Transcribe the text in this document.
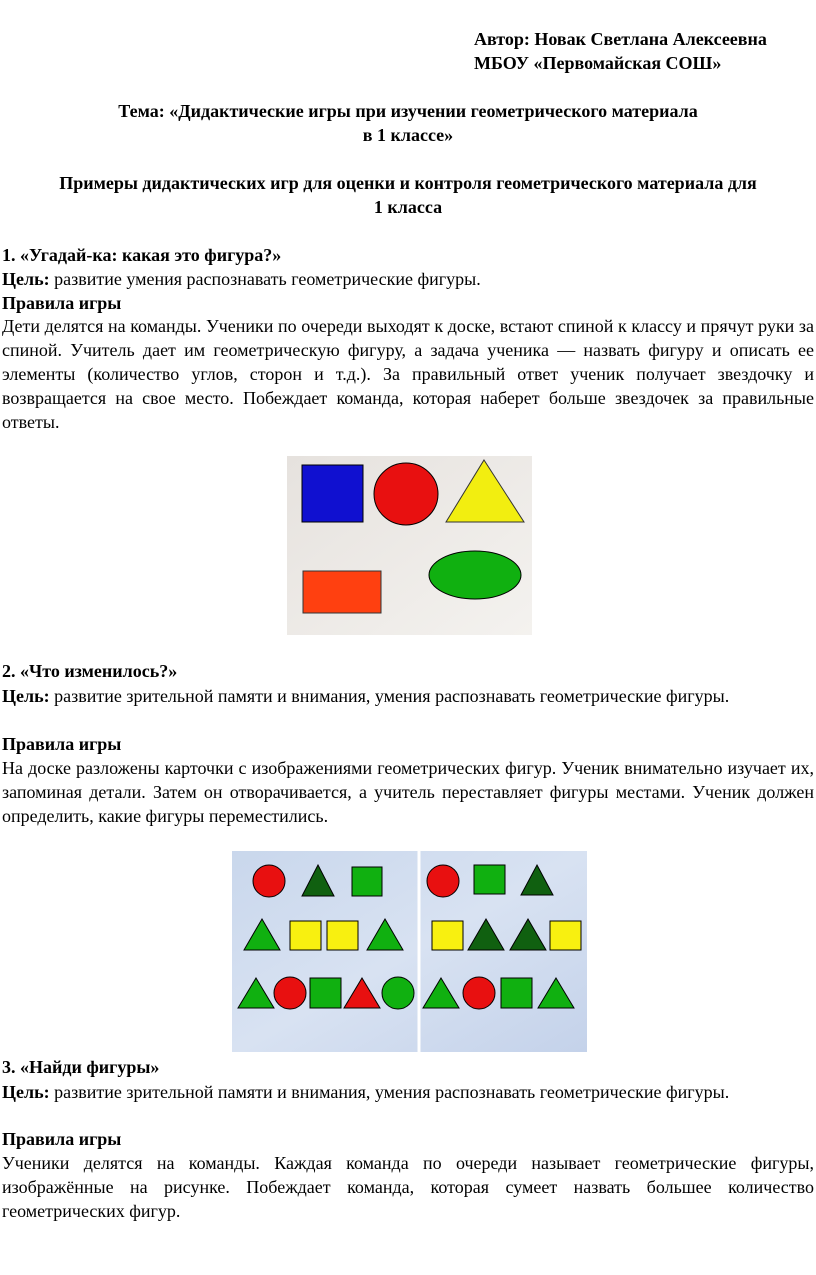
Автор: Новак Светлана Алексеевна
МБОУ «Первомайская СОШ»
Тема: «Дидактические игры при изучении геометрического материала
в 1 классе»
Примеры дидактических игр для оценки и контроля геометрического материала для
1 класса
1. «Угадай-ка: какая это фигура?»
Цель: развитие умения распознавать геометрические фигуры.
Правила игры
Дети делятся на команды. Ученики по очереди выходят к доске, встают спиной к классу и прячут руки за спиной. Учитель дает им геометрическую фигуру, а задача ученика — назвать фигуру и описать ее элементы (количество углов, сторон и т.д.). За правильный ответ ученик получает звездочку и возвращается на свое место. Побеждает команда, которая наберет больше звездочек за правильные ответы.
2. «Что изменилось?»
Цель: развитие зрительной памяти и внимания, умения распознавать геометрические фигуры.
Правила игры
На доске разложены карточки с изображениями геометрических фигур. Ученик внимательно изучает их, запоминая детали. Затем он отворачивается, а учитель переставляет фигуры местами. Ученик должен определить, какие фигуры переместились.
3. «Найди фигуры»
Цель: развитие зрительной памяти и внимания, умения распознавать геометрические фигуры.
Правила игры
Ученики делятся на команды. Каждая команда по очереди называет геометрические фигуры, изображённые на рисунке. Побеждает команда, которая сумеет назвать большее количество геометрических фигур.
